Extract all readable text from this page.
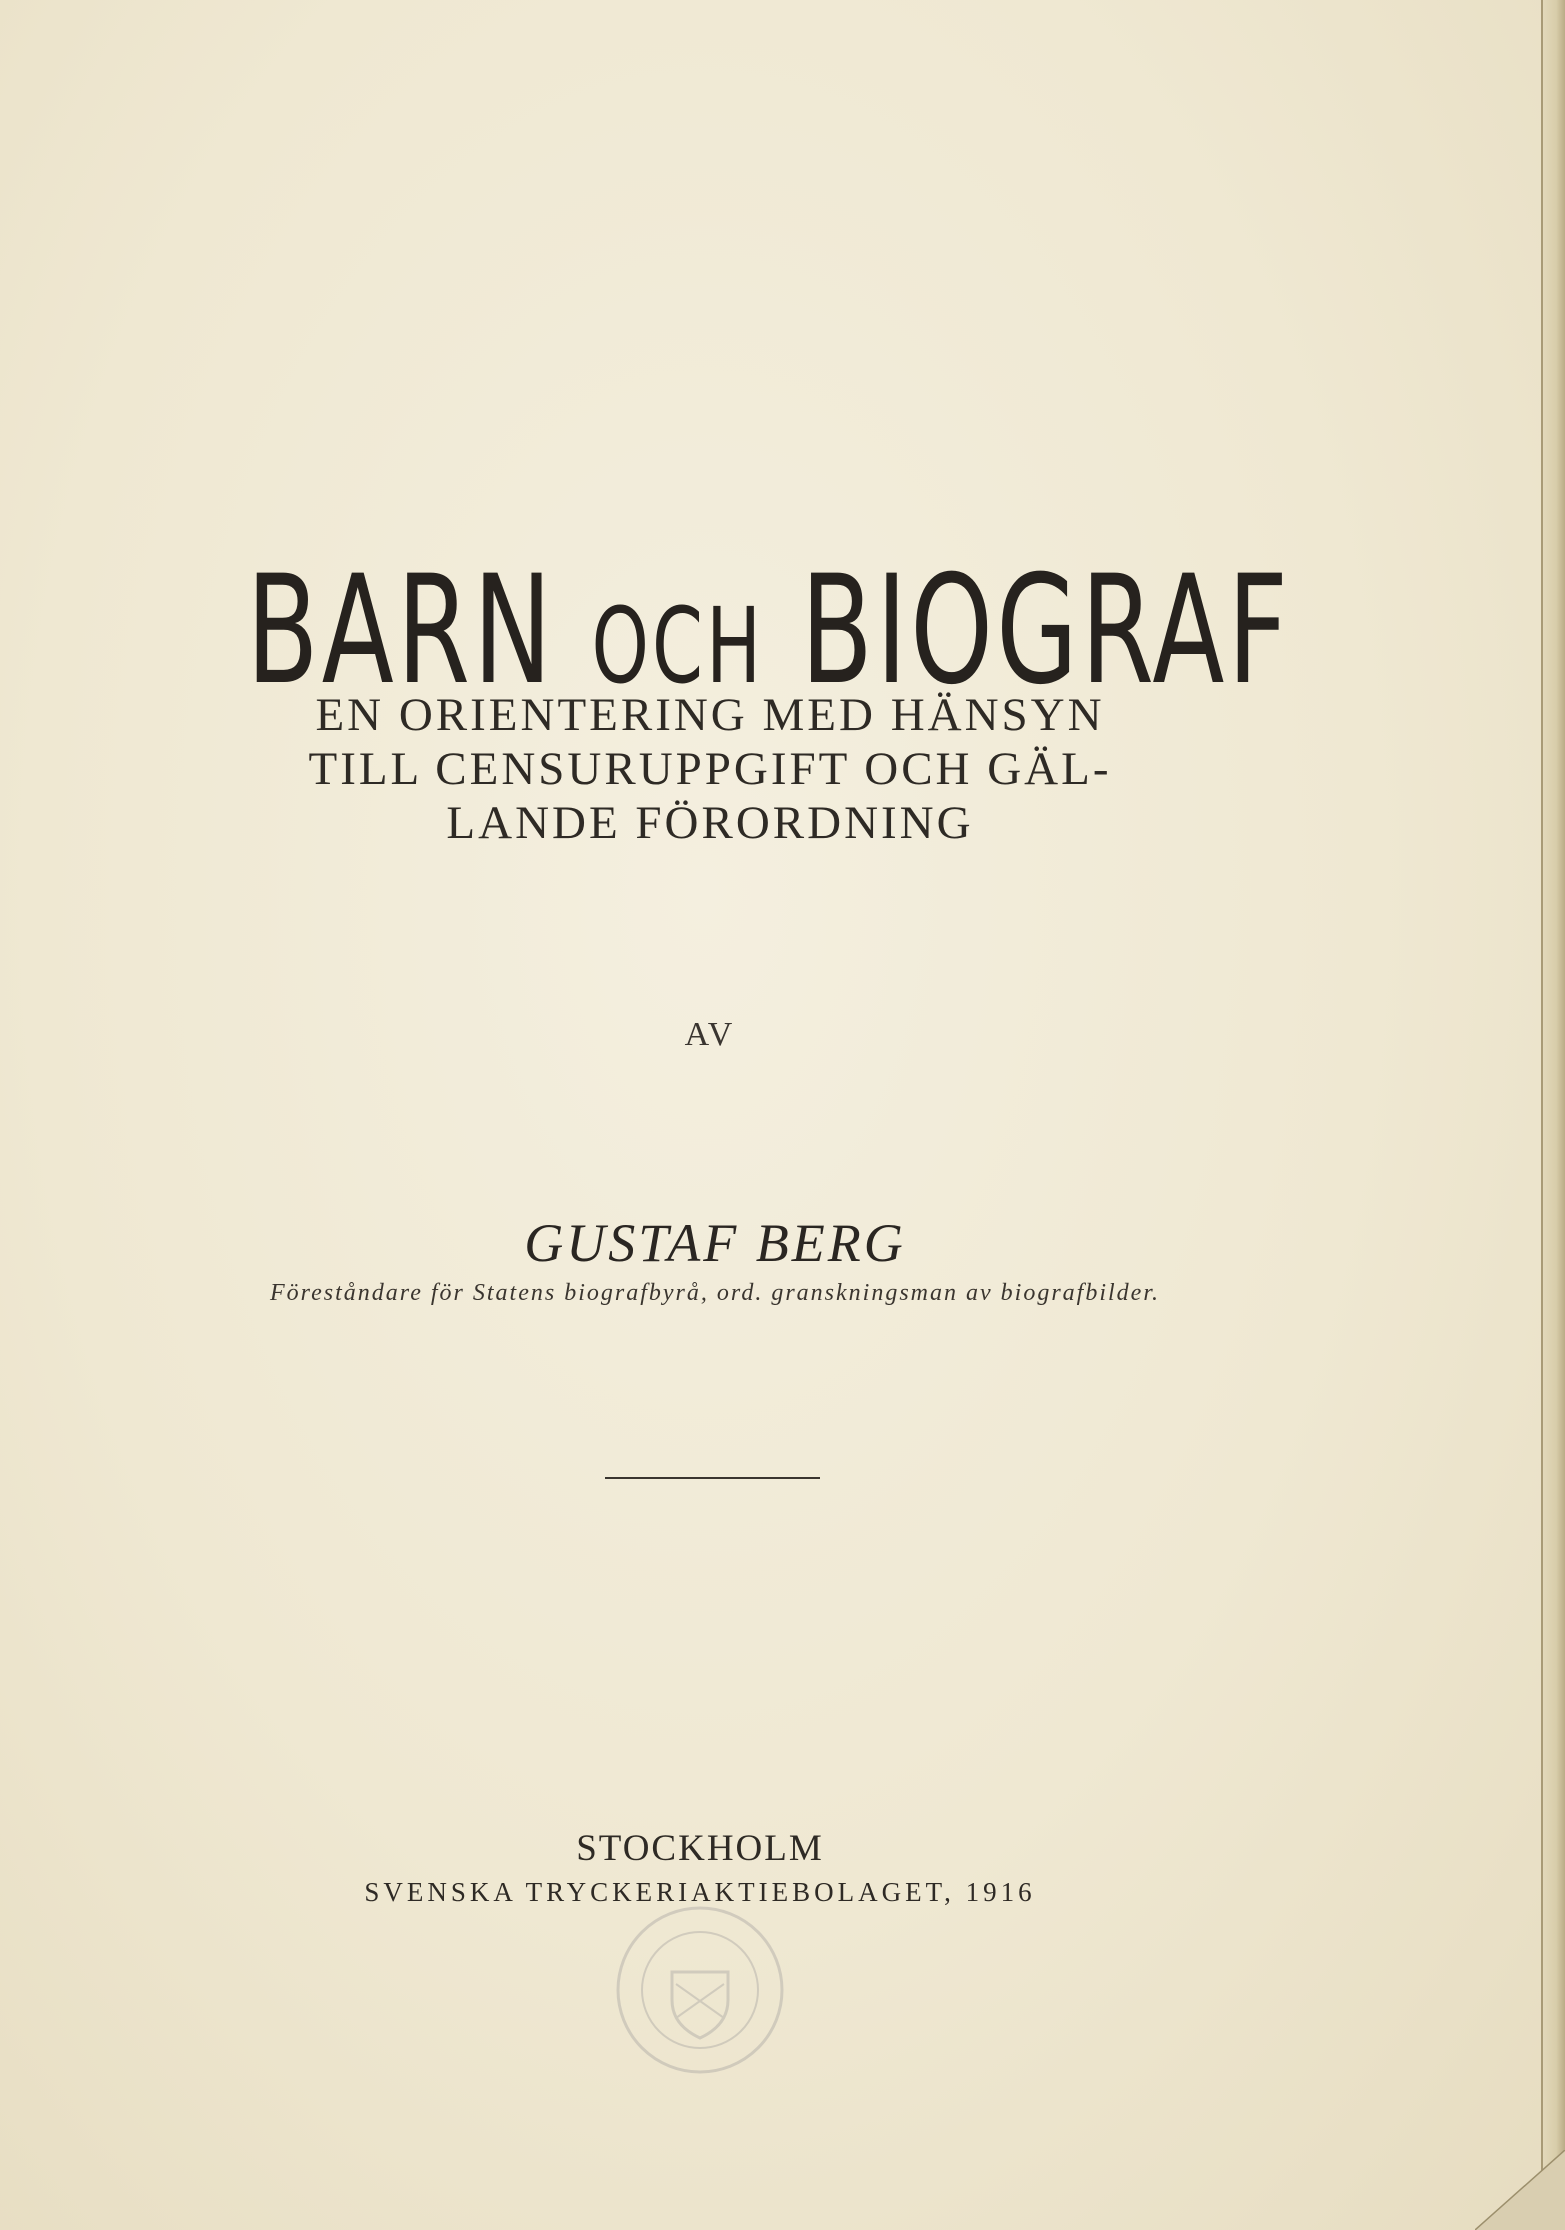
BARN OCH BIOGRAF
EN ORIENTERING MED HÄNSYN
TILL CENSURUPPGIFT OCH GÄL-
LANDE FÖRORDNING
AV
GUSTAF BERG
Föreståndare för Statens biografbyrå, ord. granskningsman av biografbilder.
STOCKHOLM
SVENSKA TRYCKERIAKTIEBOLAGET, 1916
